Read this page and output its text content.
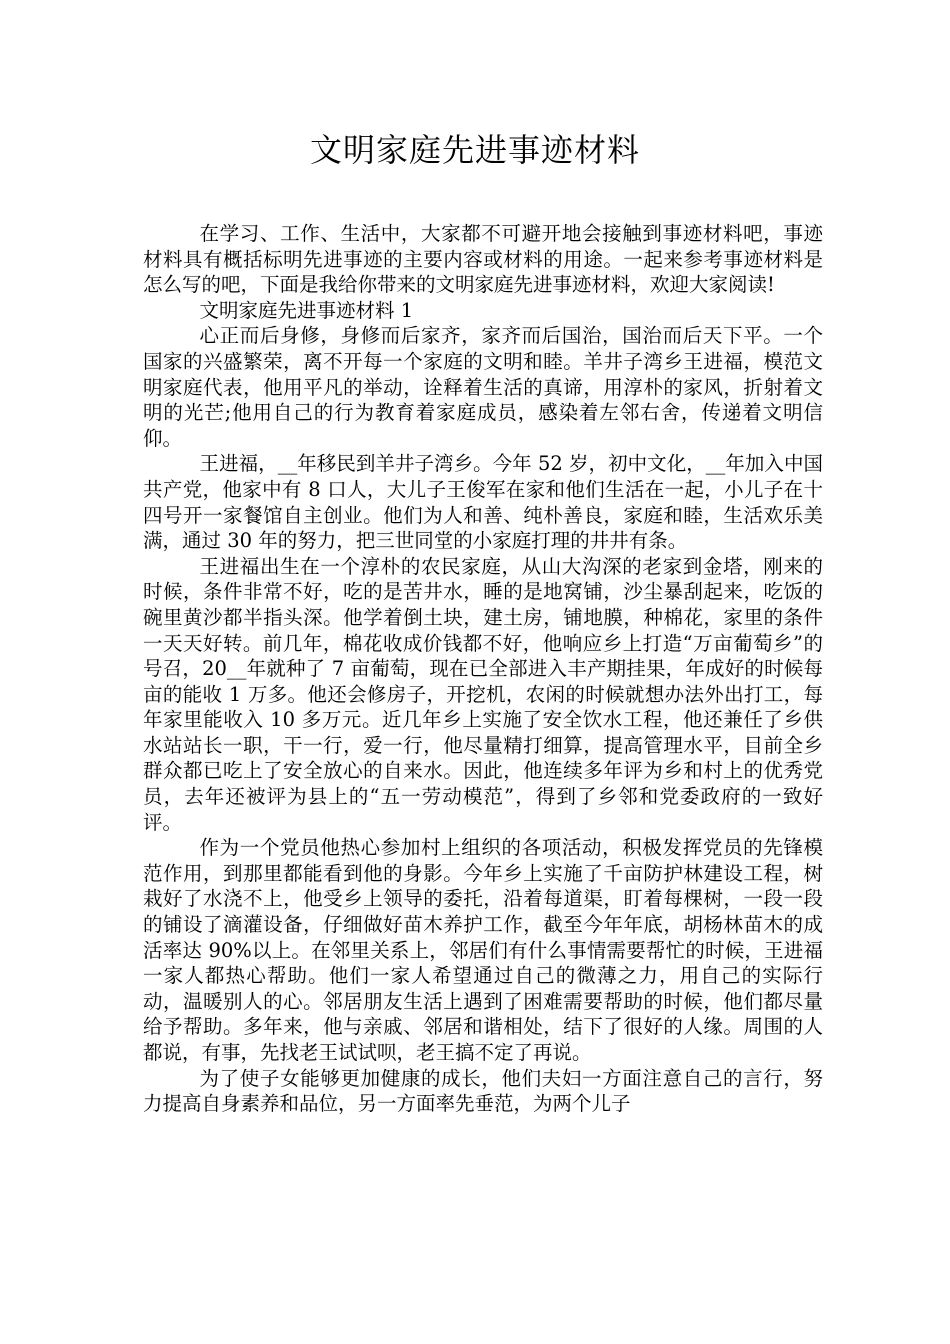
文明家庭先进事迹材料

在学习、工作、生活中，大家都不可避开地会接触到事迹材料吧，事迹材料具有概括标明先进事迹的主要内容或材料的用途。一起来参考事迹材料是怎么写的吧，下面是我给你带来的文明家庭先进事迹材料，欢迎大家阅读!

文明家庭先进事迹材料 1

心正而后身修，身修而后家齐，家齐而后国治，国治而后天下平。一个国家的兴盛繁荣，离不开每一个家庭的文明和睦。羊井子湾乡王进福，模范文明家庭代表，他用平凡的举动，诠释着生活的真谛，用淳朴的家风，折射着文明的光芒;他用自己的行为教育着家庭成员，感染着左邻右舍，传递着文明信仰。

王进福，__年移民到羊井子湾乡。今年 52 岁，初中文化，__年加入中国共产党，他家中有 8 口人，大儿子王俊军在家和他们生活在一起，小儿子在十四号开一家餐馆自主创业。他们为人和善、纯朴善良，家庭和睦，生活欢乐美满，通过 30 年的努力，把三世同堂的小家庭打理的井井有条。

王进福出生在一个淳朴的农民家庭，从山大沟深的老家到金塔，刚来的时候，条件非常不好，吃的是苦井水，睡的是地窝铺，沙尘暴刮起来，吃饭的碗里黄沙都半指头深。他学着倒土块，建土房，铺地膜，种棉花，家里的条件一天天好转。前几年，棉花收成价钱都不好，他响应乡上打造“万亩葡萄乡”的号召，20__年就种了 7 亩葡萄，现在已全部进入丰产期挂果，年成好的时候每亩的能收 1 万多。他还会修房子，开挖机，农闲的时候就想办法外出打工，每年家里能收入 10 多万元。近几年乡上实施了安全饮水工程，他还兼任了乡供水站站长一职，干一行，爱一行，他尽量精打细算，提高管理水平，目前全乡群众都已吃上了安全放心的自来水。因此，他连续多年评为乡和村上的优秀党员，去年还被评为县上的“五一劳动模范”，得到了乡邻和党委政府的一致好评。

作为一个党员他热心参加村上组织的各项活动，积极发挥党员的先锋模范作用，到那里都能看到他的身影。今年乡上实施了千亩防护林建设工程，树栽好了水浇不上，他受乡上领导的委托，沿着每道渠，盯着每棵树，一段一段的铺设了滴灌设备，仔细做好苗木养护工作，截至今年年底，胡杨林苗木的成活率达 90%以上。在邻里关系上，邻居们有什么事情需要帮忙的时候，王进福一家人都热心帮助。他们一家人希望通过自己的微薄之力，用自己的实际行动，温暖别人的心。邻居朋友生活上遇到了困难需要帮助的时候，他们都尽量给予帮助。多年来，他与亲戚、邻居和谐相处，结下了很好的人缘。周围的人都说，有事，先找老王试试呗，老王搞不定了再说。

为了使子女能够更加健康的成长，他们夫妇一方面注意自己的言行，努力提高自身素养和品位，另一方面率先垂范，为两个儿子
